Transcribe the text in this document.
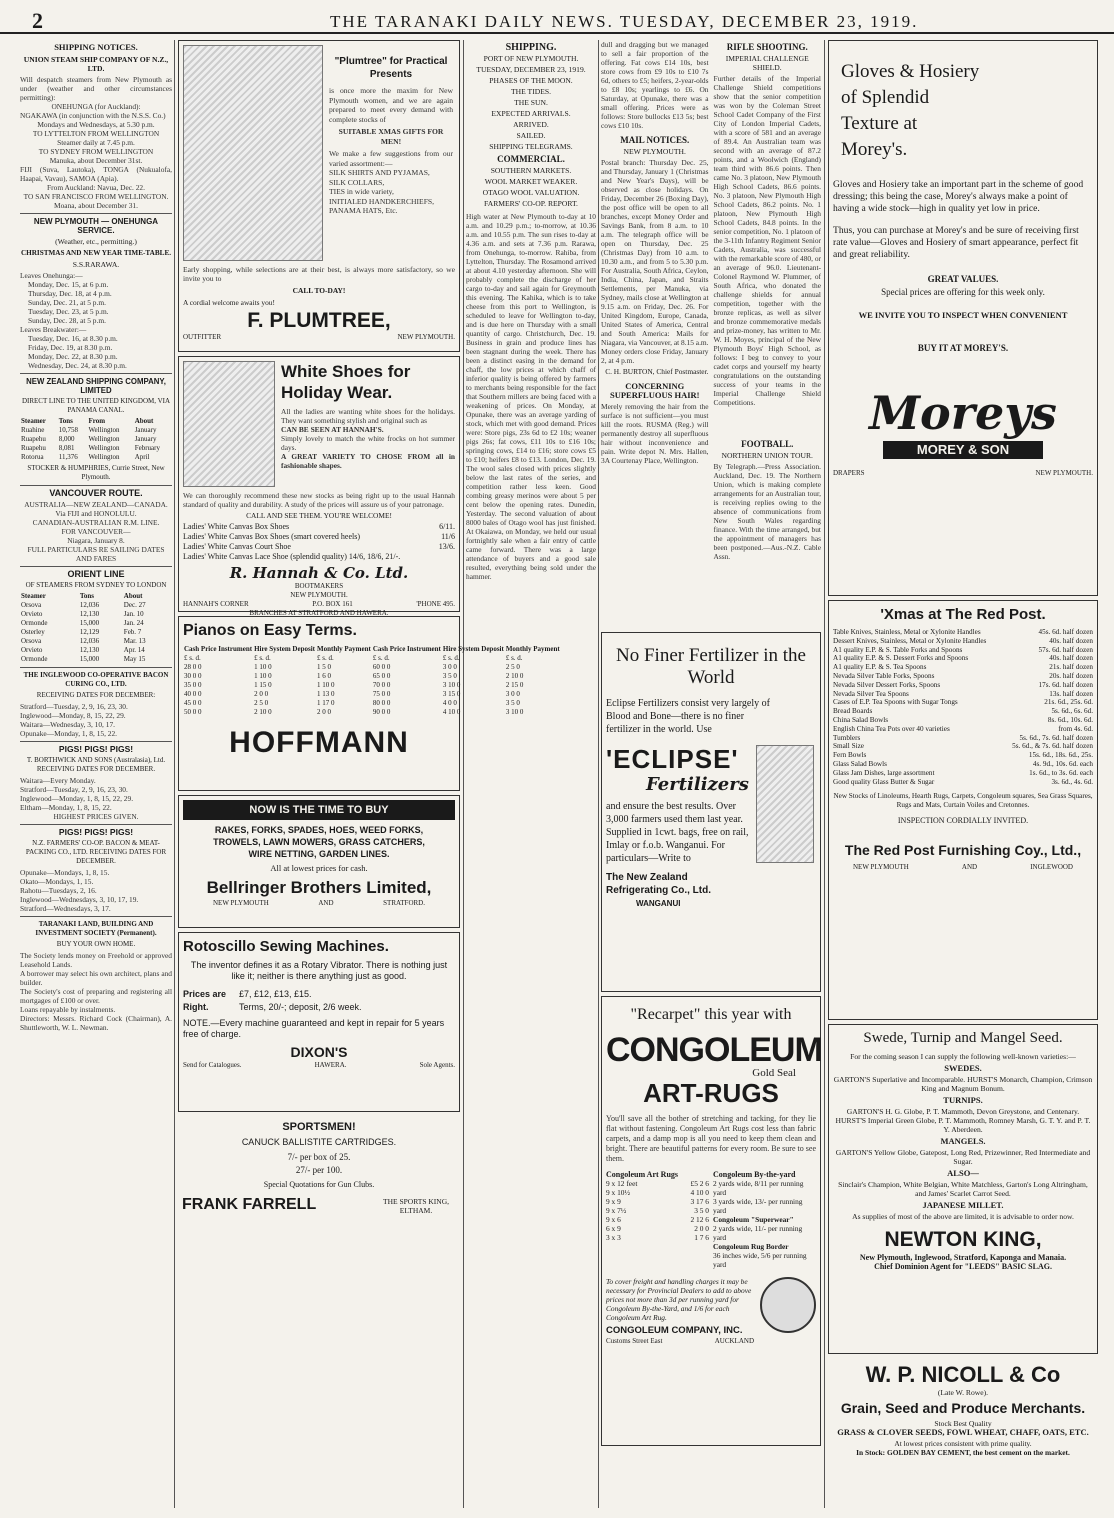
2	THE TARANAKI DAILY NEWS. TUESDAY, DECEMBER 23, 1919.
SHIPPING NOTICES.
UNION STEAM SHIP COMPANY OF N.Z., LTD.
Will despatch steamers from New Plymouth as under (weather and other circumstances permitting):
ONEHUNGA (for Auckland):
NGAKAWA (in conjunction with the N.S.S. Co.)
Mondays and Wednesdays, at 5.30 p.m.
TO LYTTELTON FROM WELLINGTON
Steamer daily at 7.45 p.m.
TO SYDNEY FROM WELLINGTON
Manuka, about December 31st.
FIJI (Suva, Lautoka), TONGA (Nukualofa, Haapai, Vavau), SAMOA (Apia).
From Auckland: Navua, Dec. 22.
TO SAN FRANCISCO FROM WELLINGTON.
Moana, about December 31.
NEW PLYMOUTH — ONEHUNGA SERVICE.
(Weather, etc., permitting.)
CHRISTMAS AND NEW YEAR TIME-TABLE.
S.S.RARAWA.
Leaves Onehunga:—
Monday, Dec. 15, at 6 p.m.
Thursday, Dec. 18, at 4 p.m.
Sunday, Dec. 21, at 5 p.m.
Tuesday, Dec. 23, at 5 p.m.
Sunday, Dec. 28, at 5 p.m.
Leaves Breakwater:—
Tuesday, Dec. 16, at 8.30 p.m.
Friday, Dec. 19, at 8.30 p.m.
Monday, Dec. 22, at 8.30 p.m.
Wednesday, Dec. 24, at 8.30 p.m.
NEW ZEALAND SHIPPING COMPANY, LIMITED
DIRECT LINE TO THE UNITED KINGDOM, VIA PANAMA CANAL.
Steamer	Tons	From	About
Ruahine	10,758	Wellington	January
Ruapehu	8,000	Wellington	January
Ruapehu	8,081	Wellington	February
Rotorua	11,376	Wellington	April
STOCKER & HUMPHRIES, Currie Street, New Plymouth.
VANCOUVER ROUTE.
AUSTRALIA—NEW ZEALAND—CANADA.
Via FIJI and HONOLULU.
CANADIAN-AUSTRALIAN R.M. LINE.
FOR VANCOUVER—
Niagara, January 8.
FULL PARTICULARS RE SAILING DATES AND FARES
ORIENT LINE
OF STEAMERS FROM SYDNEY TO LONDON
Steamer	Tons	About
Orsova	12,036	Dec. 27
Orvieto	12,130	Jan. 10
Ormonde	15,000	Jan. 24
Osterley	12,129	Feb. 7
Orsova	12,036	Mar. 13
Orvieto	12,130	Apr. 14
Ormonde	15,000	May 15
THE INGLEWOOD CO-OPERATIVE BACON CURING CO., LTD.
RECEIVING DATES FOR DECEMBER:
Stratford—Tuesday, 2, 9, 16, 23, 30.
Inglewood—Monday, 8, 15, 22, 29.
Waitara—Wednesday, 3, 10, 17.
Opunake—Monday, 1, 8, 15, 22.
PIGS! PIGS! PIGS!
T. BORTHWICK AND SONS (Australasia), Ltd. RECEIVING DATES FOR DECEMBER.
Waitara—Every Monday.
Stratford—Tuesday, 2, 9, 16, 23, 30.
Inglewood—Monday, 1, 8, 15, 22, 29.
Eltham—Monday, 1, 8, 15, 22.
HIGHEST PRICES GIVEN.
PIGS! PIGS! PIGS!
N.Z. FARMERS' CO-OP. BACON & MEAT-PACKING CO., LTD. RECEIVING DATES FOR DECEMBER.
Opunake—Mondays, 1, 8, 15.
Okato—Mondays, 1, 15.
Rahotu—Tuesdays, 2, 16.
Inglewood—Wednesdays, 3, 10, 17, 19.
Stratford—Wednesdays, 3, 17.
TARANAKI LAND, BUILDING AND INVESTMENT SOCIETY (Permanent).
BUY YOUR OWN HOME.
The Society lends money on Freehold or approved Leasehold Lands.
A borrower may select his own architect, plans and builder.
The Society's cost of preparing and registering all mortgages of £100 or over.
Loans repayable by instalments.
Directors: Messrs. Richard Cock (Chairman), A. Shuttleworth, W. L. Newman.
"Plumtree" for Practical Presents
is once more the maxim for New Plymouth women, and we are again prepared to meet every demand with complete stocks of
SUITABLE XMAS GIFTS FOR MEN!
We make a few suggestions from our varied assortment:—
SILK SHIRTS AND PYJAMAS,
SILK COLLARS,
TIES in wide variety,
INITIALED HANDKERCHIEFS,
PANAMA HATS, Etc.
Early shopping, while selections are at their best, is always more satisfactory, so we invite you to
CALL TO-DAY!
A cordial welcome awaits you!
F. PLUMTREE,
OUTFITTER	NEW PLYMOUTH.
White Shoes for Holiday Wear.
All the ladies are wanting white shoes for the holidays. They want something stylish and original such as
CAN BE SEEN AT HANNAH'S.
Simply lovely to match the white frocks on hot summer days.
A GREAT VARIETY TO CHOSE FROM all in fashionable shapes.
We can thoroughly recommend these new stocks as being right up to the usual Hannah standard of quality and durability. A study of the prices will assure us of your patronage.
CALL AND SEE THEM. YOU'RE WELCOME!
Ladies' White Canvas Box Shoes	6/11.
Ladies' White Canvas Box Shoes (smart covered heels)	11/6
Ladies' White Canvas Court Shoe	13/6.
Ladies' White Canvas Lace Shoe (splendid quality) 14/6, 18/6, 21/-.
R. Hannah & Co. Ltd.
BOOTMAKERS
NEW PLYMOUTH.
HANNAH'S CORNER	P.O. BOX 161	'PHONE 495.
BRANCHES AT STRATFORD AND HAWERA.
Pianos on Easy Terms.
Cash Price Instrument	Hire System Deposit	Monthly Payment	Cash Price Instrument	Hire System Deposit	Monthly Payment
£ s. d.	£ s. d.	£ s. d.	£ s. d.	£ s. d.	£ s. d.
28 0 0	1 10 0	1 5 0	60 0 0	3 0 0	2 5 0
30 0 0	1 10 0	1 6 0	65 0 0	3 5 0	2 10 0
35 0 0	1 15 0	1 10 0	70 0 0	3 10 0	2 15 0
40 0 0	2 0 0	1 13 0	75 0 0	3 15 0	3 0 0
45 0 0	2 5 0	1 17 0	80 0 0	4 0 0	3 5 0
50 0 0	2 10 0	2 0 0	90 0 0	4 10 0	3 10 0
HOFFMANN
NOW IS THE TIME TO BUY
RAKES, FORKS, SPADES, HOES, WEED FORKS,
TROWELS, LAWN MOWERS, GRASS CATCHERS,
WIRE NETTING, GARDEN LINES.
All at lowest prices for cash.
Bellringer Brothers Limited,
NEW PLYMOUTH	AND	STRATFORD.
Rotoscillo Sewing Machines.
The inventor defines it as a Rotary Vibrator. There is nothing just like it; neither is there anything just as good.
Prices are Right.
£7, £12, £13, £15.
Terms, 20/-; deposit, 2/6 week.
NOTE.—Every machine guaranteed and kept in repair for 5 years free of charge.
DIXON'S
Send for Catalogues.	HAWERA.	Sole Agents.
SPORTSMEN!
CANUCK BALLISTITE CARTRIDGES.
7/- per box of 25.
27/- per 100.
Special Quotations for Gun Clubs.
FRANK FARRELL	THE SPORTS KING, ELTHAM.
SHIPPING.
PORT OF NEW PLYMOUTH.
TUESDAY, DECEMBER 23, 1919.
PHASES OF THE MOON.
THE TIDES.
THE SUN.
EXPECTED ARRIVALS.
ARRIVED.
SAILED.
SHIPPING TELEGRAMS.
COMMERCIAL.
SOUTHERN MARKETS.
WOOL MARKET WEAKER.
OTAGO WOOL VALUATION.
FARMERS' CO-OP. REPORT.
High water at New Plymouth to-day at 10 a.m. and 10.29 p.m.; to-morrow, at 10.36 a.m. and 10.55 p.m. The sun rises to-day at 4.36 a.m. and sets at 7.36 p.m. Rarawa, from Onehunga, to-morrow. Rahiba, from Lyttelton, Thursday. The Rosamond arrived at about 4.10 yesterday afternoon. She will probably complete the discharge of her cargo to-day and sail again for Greymouth this evening. The Kahika, which is to take cheese from this port to Wellington, is scheduled to leave for Wellington to-day, and is due here on Thursday with a small quantity of cargo. Christchurch, Dec. 19. Business in grain and produce lines has been stagnant during the week. There has been a distinct easing in the demand for chaff, the low prices at which chaff of inferior quality is being offered by farmers to merchants being responsible for the fact that Southern millers are being faced with a weakening of prices. On Monday, at Opunake, there was an average yarding of stock, which met with good demand. Prices were: Store pigs, 23s 6d to £2 10s; weaner pigs 26s; fat cows, £11 10s to £16 10s; springing cows, £14 to £16; store cows £5 to £10; heifers £8 to £13. London, Dec. 19. The wool sales closed with prices slightly below the last rates of the series, and competition rather less keen. Good combing greasy merinos were about 5 per cent below the opening rates. Dunedin, Yesterday. The second valuation of about 8000 bales of Otago wool has just finished. At Okaiawa, on Monday, we held our usual fortnightly sale when a fair entry of cattle came forward. There was a large attendance of buyers and a good sale resulted, everything being sold under the hammer.
dull and dragging but we managed to sell a fair proportion of the offering. Fat cows £14 10s, best store cows from £9 10s to £10 7s 6d, others to £5; heifers, 2-year-olds to £8 10s; yearlings to £6. On Saturday, at Opunake, there was a small offering. Prices were as follows: Store bullocks £13 5s; best cows £10 10s.
MAIL NOTICES.
NEW PLYMOUTH.
Postal branch: Thursday Dec. 25, and Thursday, January 1 (Christmas and New Year's Days), will be observed as close holidays. On Friday, December 26 (Boxing Day), the post office will be open to all branches, except Money Order and Savings Bank, from 8 a.m. to 10 a.m. The telegraph office will be open on Thursday, Dec. 25 (Christmas Day) from 10 a.m. to 10.30 a.m., and from 5 to 5.30 p.m. For Australia, South Africa, Ceylon, India, China, Japan, and Straits Settlements, per Manuka, via Sydney, mails close at Wellington at 9.15 a.m. on Friday, Dec. 26. For United Kingdom, Europe, Canada, United States of America, Central and South America: Mails for Niagara, via Vancouver, at 8.15 a.m. Money orders close Friday, January 2, at 4 p.m.
C. H. BURTON, Chief Postmaster.
CONCERNING SUPERFLUOUS HAIR!
Merely removing the hair from the surface is not sufficient—you must kill the roots. RUSMA (Reg.) will permanently destroy all superfluous hair without inconvenience and pain. Write depot N. Mrs. Hallen, 3A Courtenay Place, Wellington.
RIFLE SHOOTING.
IMPERIAL CHALLENGE SHIELD.
Further details of the Imperial Challenge Shield competitions show that the senior competition was won by the Coleman Street School Cadet Company of the First City of London Imperial Cadets, with a score of 581 and an average of 89.4. An Australian team was second with an average of 87.2 points, and a Woolwich (England) team third with 86.6 points. Then came No. 3 platoon, New Plymouth High School Cadets, 86.6 points. No. 3 platoon, New Plymouth High School Cadets, 86.2 points. No. 1 platoon, New Plymouth High School Cadets, 84.8 points. In the senior competition, No. 1 platoon of the 3-11th Infantry Regiment Senior Cadets, Australia, was successful with the remarkable score of 480, or an average of 96.0. Lieutenant-Colonel Raymond W. Plummer, of South Africa, who donated the challenge shields for annual competition, together with the bronze replicas, as well as silver and bronze commemorative medals and prize-money, has written to Mr. W. H. Moyes, principal of the New Plymouth Boys' High School, as follows: I beg to convey to your cadet corps and yourself my hearty congratulations on the outstanding success of your teams in the Imperial Challenge Shield Competitions.
FOOTBALL.
NORTHERN UNION TOUR.
By Telegraph.—Press Association. Auckland, Dec. 19. The Northern Union, which is making complete arrangements for an Australian tour, is receiving replies owing to the absence of communications from New South Wales regarding finance. With the time arranged, but the appointment of managers has been postponed.—Aus.-N.Z. Cable Assn.
No Finer Fertilizer in the World
Eclipse Fertilizers consist very largely of Blood and Bone—there is no finer fertilizer in the world. Use
'ECLIPSE'
Fertilizers
and ensure the best results. Over 3,000 farmers used them last year. Supplied in 1cwt. bags, free on rail, Imlay or f.o.b. Wanganui. For particulars—Write to
The New Zealand Refrigerating Co., Ltd.
WANGANUI
"Recarpet" this year with
CONGOLEUM
Gold Seal
ART-RUGS
You'll save all the bother of stretching and tacking, for they lie flat without fastening. Congoleum Art Rugs cost less than fabric carpets, and a damp mop is all you need to keep them clean and bright. There are beautiful patterns for every room. Be sure to see them.
Congoleum Art Rugs
9 x 12 feet	£5 2 6
9 x 10½	4 10 0
9 x 9	3 17 6
9 x 7½	3 5 0
9 x 6	2 12 6
6 x 9	2 0 0
3 x 3	1 7 6
Congoleum By-the-yard
2 yards wide, 8/11 per running yard
3 yards wide, 13/- per running yard
Congoleum "Superwear"
2 yards wide, 11/- per running yard
Congoleum Rug Border
36 inches wide, 5/6 per running yard
To cover freight and handling charges it may be necessary for Provincial Dealers to add to above prices not more than 3d per running yard for Congoleum By-the-Yard, and 1/6 for each Congoleum Art Rug.
CONGOLEUM COMPANY, INC.
Customs Street East	AUCKLAND
Gloves & Hosiery
of Splendid
Texture at
Morey's.
Gloves and Hosiery take an important part in the scheme of good dressing; this being the case, Morey's always make a point of having a wide stock—high in quality yet low in price.
Thus, you can purchase at Morey's and be sure of receiving first rate value—Gloves and Hosiery of smart appearance, perfect fit and great reliability.
GREAT VALUES.
Special prices are offering for this week only.
WE INVITE YOU TO INSPECT WHEN CONVENIENT
BUY IT AT MOREY'S.
Moreys
MOREY & SON
DRAPERS	NEW PLYMOUTH.
'Xmas at The Red Post.
Table Knives, Stainless, Metal or Xylonite Handles	45s. 6d. half dozen
Dessert Knives, Stainless, Metal or Xylonite Handles	40s. half dozen
A1 quality E.P. & S. Table Forks and Spoons	57s. 6d. half dozen
A1 quality E.P. & S. Dessert Forks and Spoons	40s. half dozen
A1 quality E.P. & S. Tea Spoons	21s. half dozen
Nevada Silver Table Forks, Spoons	20s. half dozen
Nevada Silver Dessert Forks, Spoons	17s. 6d. half dozen
Nevada Silver Tea Spoons	13s. half dozen
Cases of E.P. Tea Spoons with Sugar Tongs	21s. 6d., 25s. 6d.
Bread Boards	5s. 6d., 6s. 6d.
China Salad Bowls	8s. 6d., 10s. 6d.
English China Tea Pots over 40 varieties	from 4s. 6d.
Tumblers	5s. 6d., 7s. 6d. half dozen
Small Size	5s. 6d., & 7s. 6d. half dozen
Fern Bowls	15s. 6d., 18s. 6d., 25s.
Glass Salad Bowls	4s. 9d., 10s. 6d. each
Glass Jam Dishes, large assortment	1s. 6d., to 3s. 6d. each
Good quality Glass Butter & Sugar	3s. 6d., 4s. 6d.
New Stocks of Linoleums, Hearth Rugs, Carpets, Congoleum squares, Sea Grass Squares, Rugs and Mats, Curtain Voiles and Cretonnes.
INSPECTION CORDIALLY INVITED.
The Red Post Furnishing Coy., Ltd.,
NEW PLYMOUTH	AND	INGLEWOOD
Swede, Turnip and Mangel Seed.
For the coming season I can supply the following well-known varieties:—
SWEDES.
GARTON'S Superlative and Incomparable. HURST'S Monarch, Champion, Crimson King and Magnum Bonum.
TURNIPS.
GARTON'S H. G. Globe, P. T. Mammoth, Devon Greystone, and Centenary. HURST'S Imperial Green Globe, P. T. Mammoth, Romney Marsh, G. T. Y. and P. T. Y. Aberdeen.
MANGELS.
GARTON'S Yellow Globe, Gatepost, Long Red, Prizewinner, Red Intermediate and Sugar.
ALSO—
Sinclair's Champion, White Belgian, White Matchless, Garton's Long Altringham, and James' Scarlet Carrot Seed.
JAPANESE MILLET.
As supplies of most of the above are limited, it is advisable to order now.
NEWTON KING,
New Plymouth, Inglewood, Stratford, Kaponga and Manaia.
Chief Dominion Agent for "LEEDS" BASIC SLAG.
W. P. NICOLL & Co
(Late W. Rowe).
Grain, Seed and Produce Merchants.
Stock Best Quality
GRASS & CLOVER SEEDS, FOWL WHEAT, CHAFF, OATS, ETC.
At lowest prices consistent with prime quality.
In Stock: GOLDEN BAY CEMENT, the best cement on the market.
